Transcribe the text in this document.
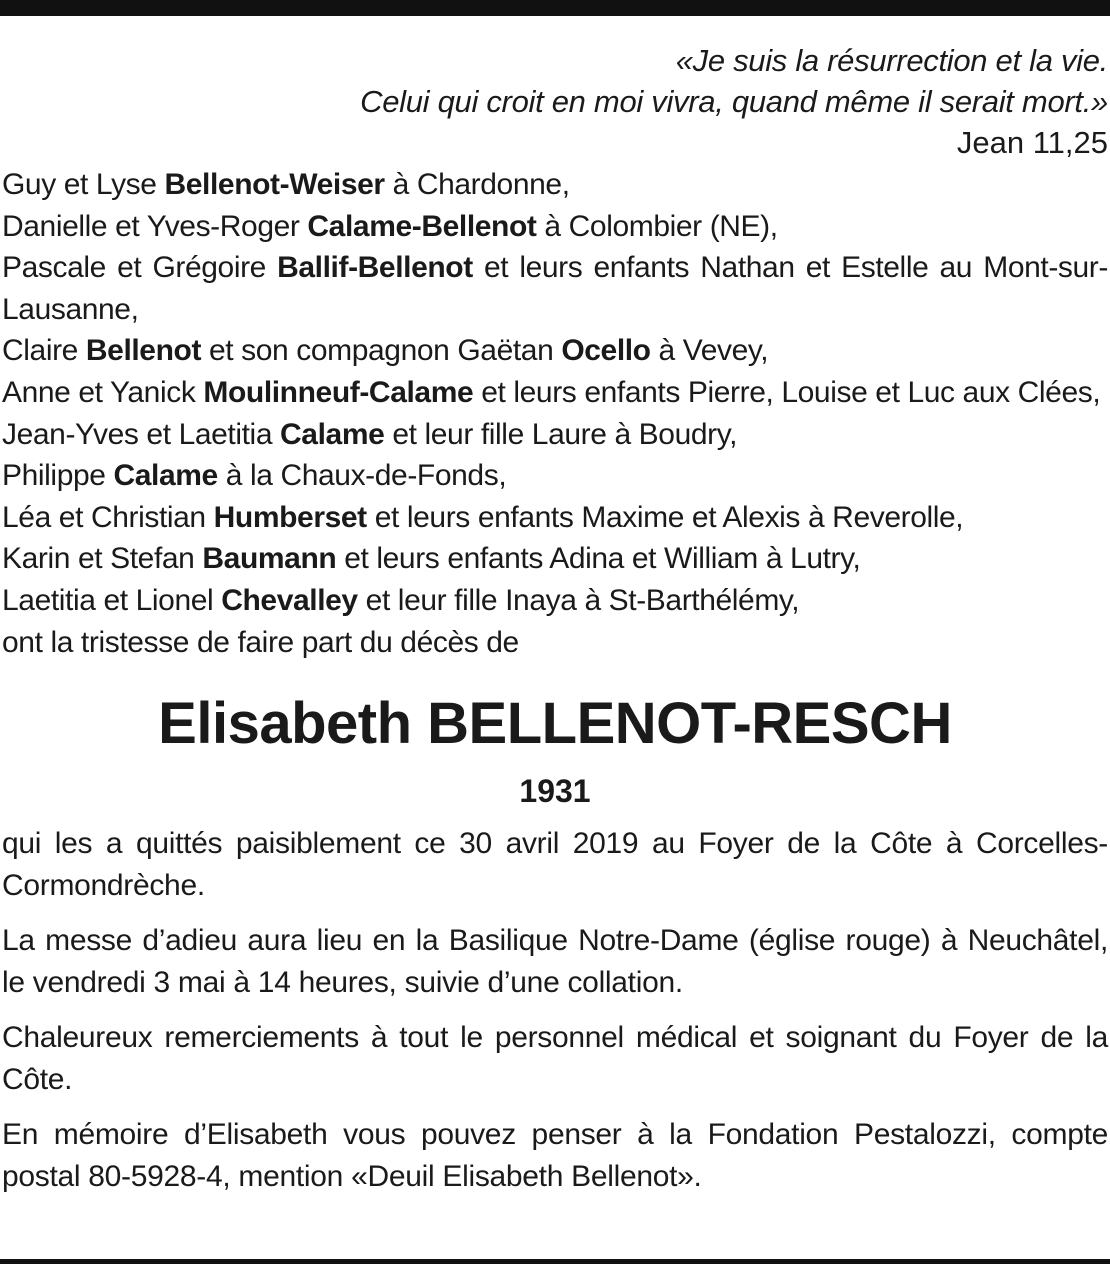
«Je suis la résurrection et la vie.
Celui qui croit en moi vivra, quand même il serait mort.»
Jean 11,25
Guy et Lyse Bellenot-Weiser à Chardonne,
Danielle et Yves-Roger Calame-Bellenot à Colombier (NE),
Pascale et Grégoire Ballif-Bellenot et leurs enfants Nathan et Estelle au Mont-sur-Lausanne,
Claire Bellenot et son compagnon Gaëtan Ocello à Vevey,
Anne et Yanick Moulinneuf-Calame et leurs enfants Pierre, Louise et Luc aux Clées,
Jean-Yves et Laetitia Calame et leur fille Laure à Boudry,
Philippe Calame à la Chaux-de-Fonds,
Léa et Christian Humberset et leurs enfants Maxime et Alexis à Reverolle,
Karin et Stefan Baumann et leurs enfants Adina et William à Lutry,
Laetitia et Lionel Chevalley et leur fille Inaya à St-Barthélémy,
ont la tristesse de faire part du décès de
Elisabeth BELLENOT-RESCH
1931
qui les a quittés paisiblement ce 30 avril 2019 au Foyer de la Côte à Corcelles-Cormondrèche.
La messe d’adieu aura lieu en la Basilique Notre-Dame (église rouge) à Neuchâtel, le vendredi 3 mai à 14 heures, suivie d’une collation.
Chaleureux remerciements à tout le personnel médical et soignant du Foyer de la Côte.
En mémoire d’Elisabeth vous pouvez penser à la Fondation Pestalozzi, compte postal 80-5928-4, mention «Deuil Elisabeth Bellenot».
